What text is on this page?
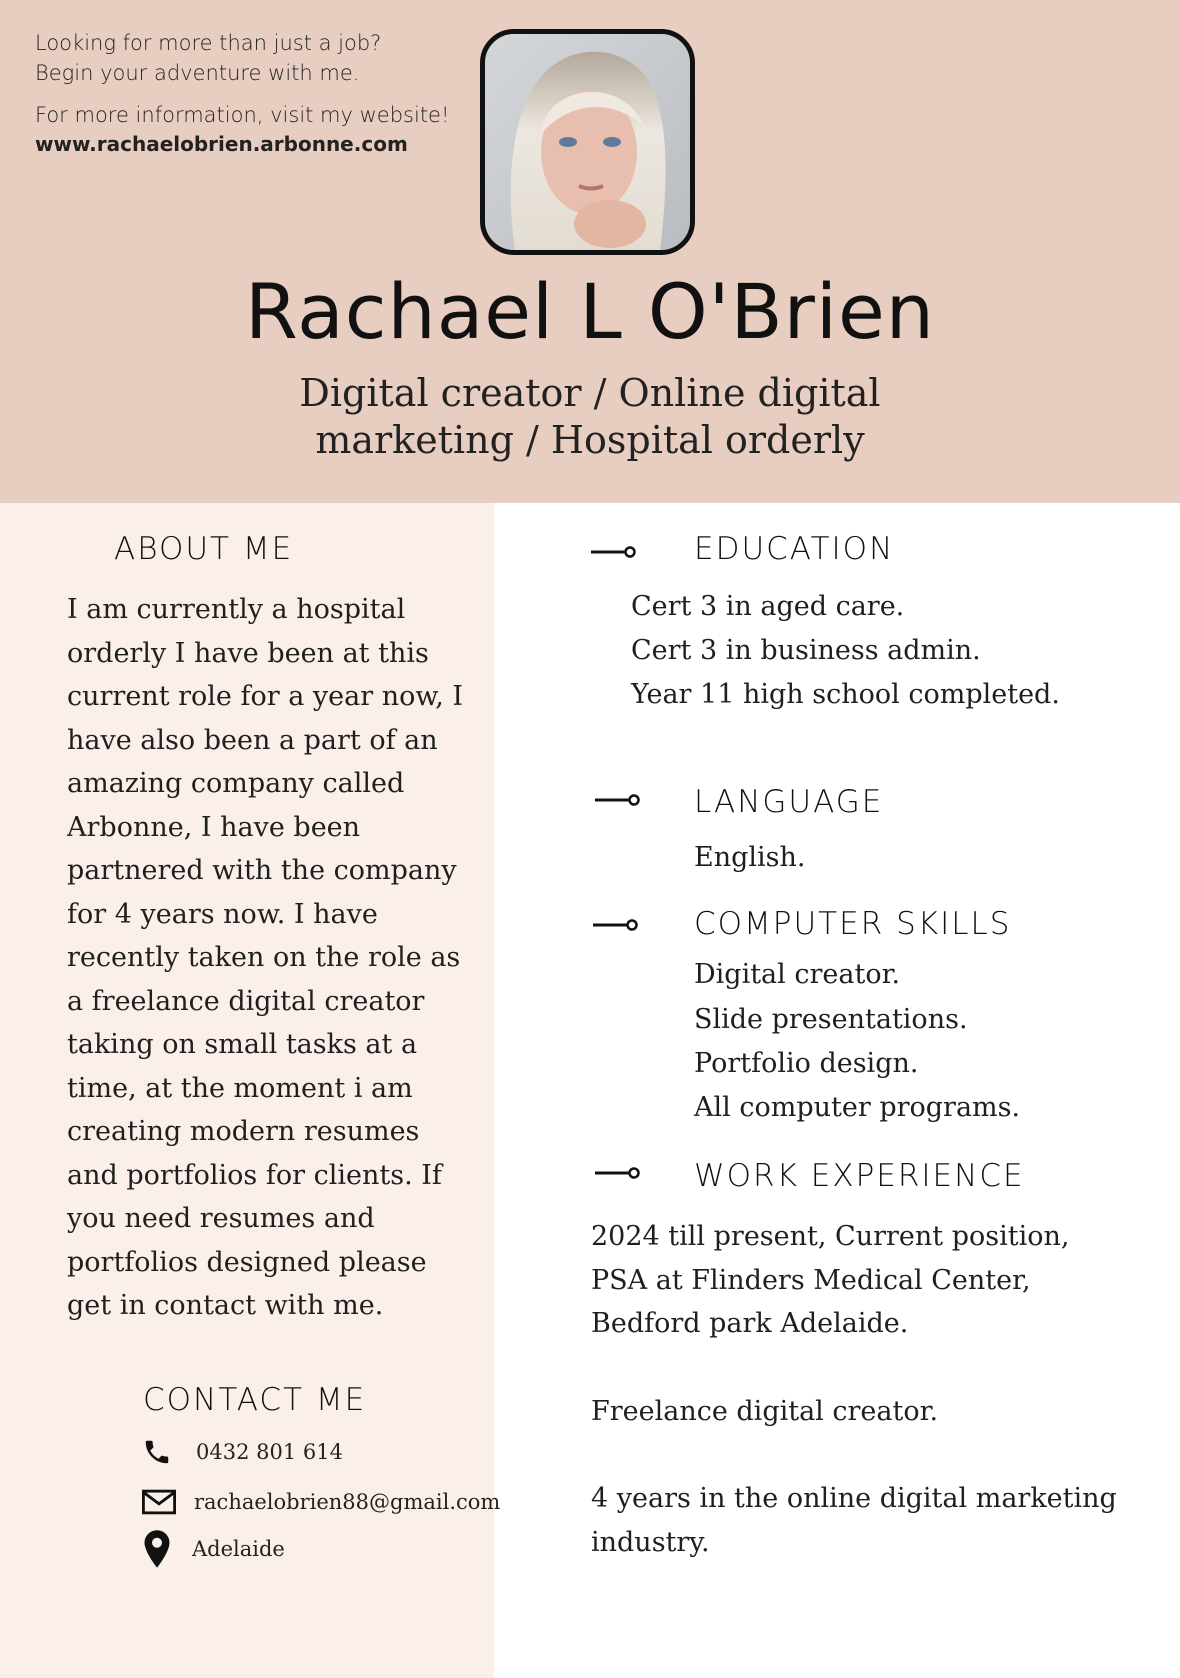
Looking for more than just a job?
Begin your adventure with me.
For more information, visit my website!
www.rachaelobrien.arbonne.com
Rachael L O'Brien
Digital creator / Online digital
marketing / Hospital orderly
ABOUT ME
I am currently a hospital orderly I have been at this current role for a year now, I have also been a part of an amazing company called Arbonne, I have been partnered with the company for 4 years now. I have recently taken on the role as a freelance digital creator taking on small tasks at a time, at the moment i am creating modern resumes and portfolios for clients. If you need resumes and portfolios designed please get in contact with me.
CONTACT ME
0432 801 614
rachaelobrien88@gmail.com
Adelaide
EDUCATION
Cert 3 in aged care.
Cert 3 in business admin.
Year 11 high school completed.
LANGUAGE
English.
COMPUTER SKILLS
Digital creator.
Slide presentations.
Portfolio design.
All computer programs.
WORK EXPERIENCE
2024 till present, Current position, PSA at Flinders Medical Center, Bedford park Adelaide.
Freelance digital creator.
4 years in the online digital marketing industry.
